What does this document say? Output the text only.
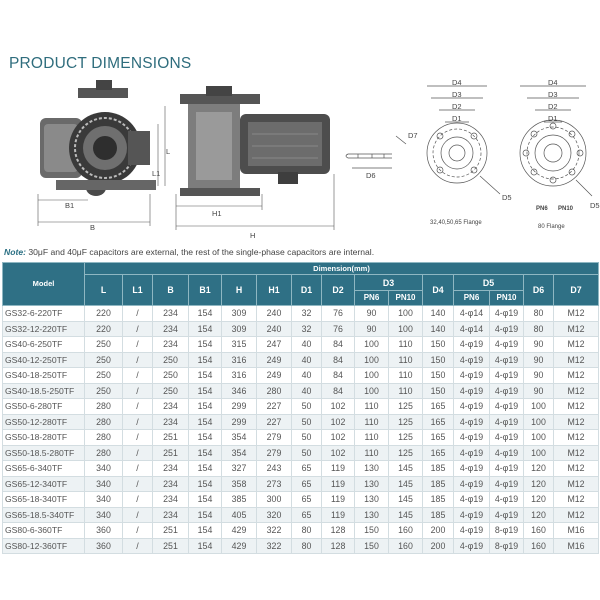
PRODUCT DIMENSIONS
B1
B
L1
L
H1
H
D7
D6
D4
D3
D2
D1
D5
32,40,50,65 Flange
D4
D3
D2
D1
D5
PN6 PN10
80 Flange
Note: 30μF and 40μF capacitors are external, the rest of the single-phase capacitors are internal.
Model	Dimension(mm)														
	L	L1	B	B1	H	H1	D1	D2	D3		D4	D5		D6	D7
									PN6	PN10		PN6	PN10		
GS32-6-220TF	220	/	234	154	309	240	32	76	90	100	140	4-φ14	4-φ19	80	M12
GS32-12-220TF	220	/	234	154	309	240	32	76	90	100	140	4-φ14	4-φ19	80	M12
GS40-6-250TF	250	/	234	154	315	247	40	84	100	110	150	4-φ19	4-φ19	90	M12
GS40-12-250TF	250	/	250	154	316	249	40	84	100	110	150	4-φ19	4-φ19	90	M12
GS40-18-250TF	250	/	250	154	316	249	40	84	100	110	150	4-φ19	4-φ19	90	M12
GS40-18.5-250TF	250	/	250	154	346	280	40	84	100	110	150	4-φ19	4-φ19	90	M12
GS50-6-280TF	280	/	234	154	299	227	50	102	110	125	165	4-φ19	4-φ19	100	M12
GS50-12-280TF	280	/	234	154	299	227	50	102	110	125	165	4-φ19	4-φ19	100	M12
GS50-18-280TF	280	/	251	154	354	279	50	102	110	125	165	4-φ19	4-φ19	100	M12
GS50-18.5-280TF	280	/	251	154	354	279	50	102	110	125	165	4-φ19	4-φ19	100	M12
GS65-6-340TF	340	/	234	154	327	243	65	119	130	145	185	4-φ19	4-φ19	120	M12
GS65-12-340TF	340	/	234	154	358	273	65	119	130	145	185	4-φ19	4-φ19	120	M12
GS65-18-340TF	340	/	234	154	385	300	65	119	130	145	185	4-φ19	4-φ19	120	M12
GS65-18.5-340TF	340	/	234	154	405	320	65	119	130	145	185	4-φ19	4-φ19	120	M12
GS80-6-360TF	360	/	251	154	429	322	80	128	150	160	200	4-φ19	8-φ19	160	M16
GS80-12-360TF	360	/	251	154	429	322	80	128	150	160	200	4-φ19	8-φ19	160	M16
